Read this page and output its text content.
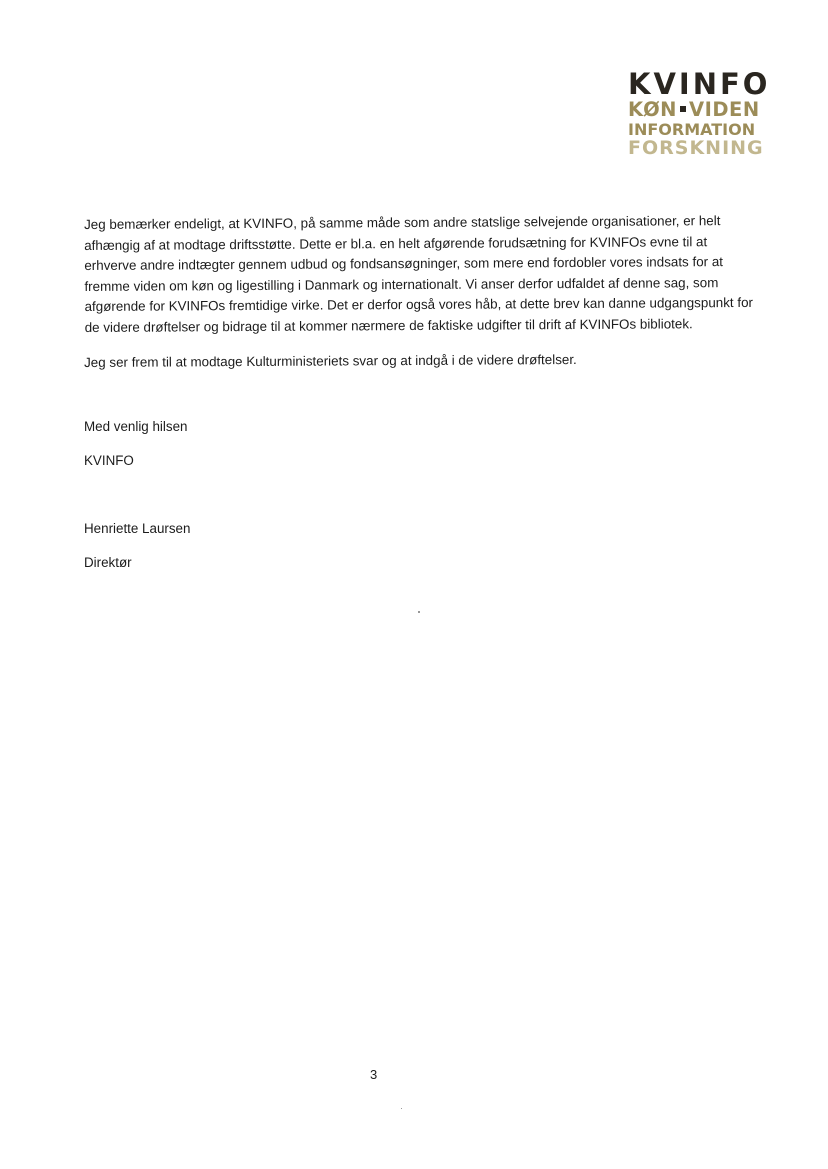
KVINFO
KØN VIDEN
INFORMATION
FORSKNING

Jeg bemærker endeligt, at KVINFO, på samme måde som andre statslige selvejende organisationer, er helt afhængig af at modtage driftsstøtte. Dette er bl.a. en helt afgørende forudsætning for KVINFOs evne til at erhverve andre indtægter gennem udbud og fondsansøgninger, som mere end fordobler vores indsats for at fremme viden om køn og ligestilling i Danmark og internationalt. Vi anser derfor udfaldet af denne sag, som afgørende for KVINFOs fremtidige virke. Det er derfor også vores håb, at dette brev kan danne udgangspunkt for de videre drøftelser og bidrage til at kommer nærmere de faktiske udgifter til drift af KVINFOs bibliotek.

Jeg ser frem til at modtage Kulturministeriets svar og at indgå i de videre drøftelser.

Med venlig hilsen

KVINFO

Henriette Laursen

Direktør

3
